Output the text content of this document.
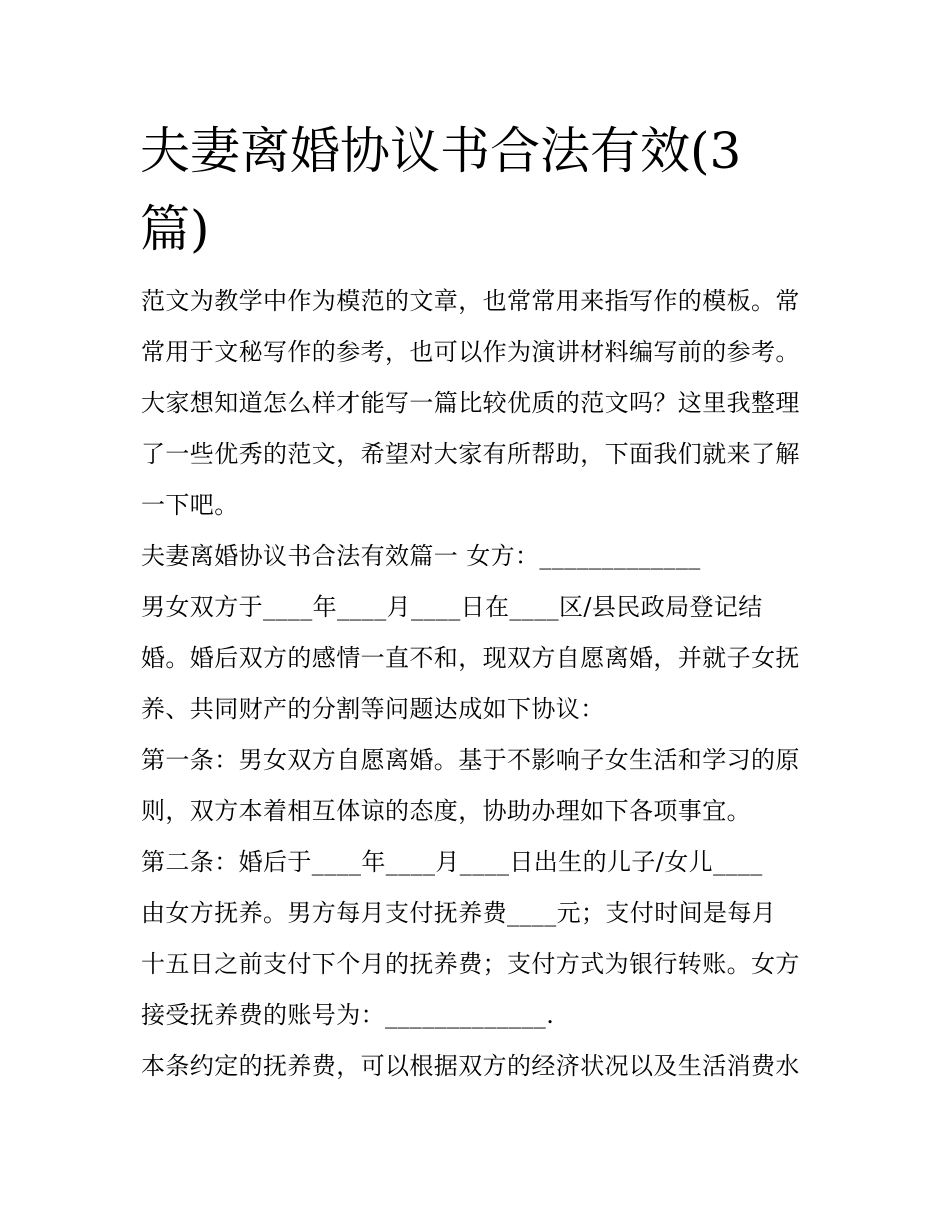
夫妻离婚协议书合法有效(3
篇)
范文为教学中作为模范的文章，也常常用来指写作的模板。常
常用于文秘写作的参考，也可以作为演讲材料编写前的参考。
大家想知道怎么样才能写一篇比较优质的范文吗？这里我整理
了一些优秀的范文，希望对大家有所帮助，下面我们就来了解
一下吧。
夫妻离婚协议书合法有效篇一 女方：_____________
男女双方于____年____月____日在____区/县民政局登记结
婚。婚后双方的感情一直不和，现双方自愿离婚，并就子女抚
养、共同财产的分割等问题达成如下协议：
第一条：男女双方自愿离婚。基于不影响子女生活和学习的原
则，双方本着相互体谅的态度，协助办理如下各项事宜。
第二条：婚后于____年____月____日出生的儿子/女儿____
由女方抚养。男方每月支付抚养费____元；支付时间是每月
十五日之前支付下个月的抚养费；支付方式为银行转账。女方
接受抚养费的账号为：_____________.
本条约定的抚养费，可以根据双方的经济状况以及生活消费水
